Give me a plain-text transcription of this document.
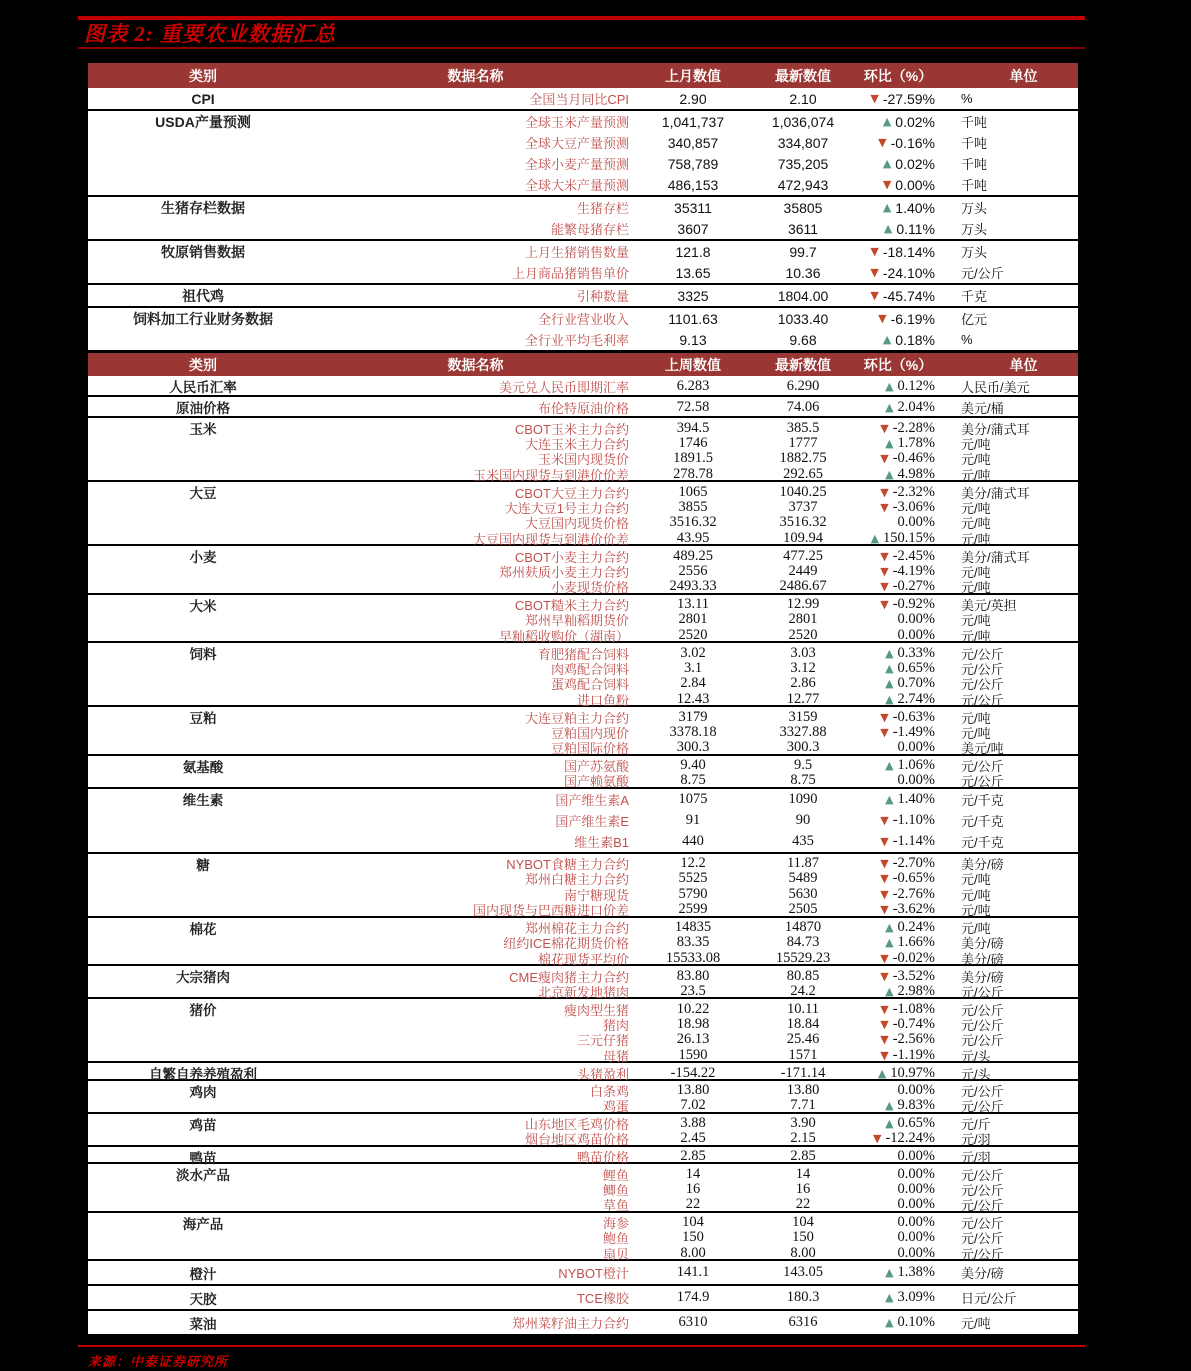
图表 2: 重要农业数据汇总
类别	数据名称	上月数值	最新数值	环比（%）	单位
CPI	全国当月同比CPI	2.90	2.10	▼ -27.59%	%
USDA产量预测	全球玉米产量预测	1,041,737	1,036,074	▲ 0.02%	千吨
全球大豆产量预测	340,857	334,807	▼ -0.16%	千吨
全球小麦产量预测	758,789	735,205	▲ 0.02%	千吨
全球大米产量预测	486,153	472,943	▼ 0.00%	千吨
生猪存栏数据	生猪存栏	35311	35805	▲ 1.40%	万头
能繁母猪存栏	3607	3611	▲ 0.11%	万头
牧原销售数据	上月生猪销售数量	121.8	99.7	▼ -18.14%	万头
上月商品猪销售单价	13.65	10.36	▼ -24.10%	元/公斤
祖代鸡	引种数量	3325	1804.00	▼ -45.74%	千克
饲料加工行业财务数据	全行业营业收入	1101.63	1033.40	▼ -6.19%	亿元
全行业平均毛利率	9.13	9.68	▲ 0.18%	%
类别	数据名称	上周数值	最新数值	环比（%）	单位
人民币汇率	美元兑人民币即期汇率	6.283	6.290	▲ 0.12%	人民币/美元
原油价格	布伦特原油价格	72.58	74.06	▲ 2.04%	美元/桶
玉米	CBOT玉米主力合约	394.5	385.5	▼ -2.28%	美分/蒲式耳
大连玉米主力合约	1746	1777	▲ 1.78%	元/吨
玉米国内现货价	1891.5	1882.75	▼ -0.46%	元/吨
玉米国内现货与到港价价差	278.78	292.65	▲ 4.98%	元/吨
大豆	CBOT大豆主力合约	1065	1040.25	▼ -2.32%	美分/蒲式耳
大连大豆1号主力合约	3855	3737	▼ -3.06%	元/吨
大豆国内现货价格	3516.32	3516.32	0.00%	元/吨
大豆国内现货与到港价价差	43.95	109.94	▲ 150.15%	元/吨
小麦	CBOT小麦主力合约	489.25	477.25	▼ -2.45%	美分/蒲式耳
郑州麸质小麦主力合约	2556	2449	▼ -4.19%	元/吨
小麦现货价格	2493.33	2486.67	▼ -0.27%	元/吨
大米	CBOT糙米主力合约	13.11	12.99	▼ -0.92%	美元/英担
郑州早籼稻期货价	2801	2801	0.00%	元/吨
早籼稻收购价（湖南）	2520	2520	0.00%	元/吨
饲料	育肥猪配合饲料	3.02	3.03	▲ 0.33%	元/公斤
肉鸡配合饲料	3.1	3.12	▲ 0.65%	元/公斤
蛋鸡配合饲料	2.84	2.86	▲ 0.70%	元/公斤
进口鱼粉	12.43	12.77	▲ 2.74%	元/公斤
豆粕	大连豆粕主力合约	3179	3159	▼ -0.63%	元/吨
豆粕国内现价	3378.18	3327.88	▼ -1.49%	元/吨
豆粕国际价格	300.3	300.3	0.00%	美元/吨
氨基酸	国产苏氨酸	9.40	9.5	▲ 1.06%	元/公斤
国产赖氨酸	8.75	8.75	0.00%	元/公斤
维生素	国产维生素A	1075	1090	▲ 1.40%	元/千克
国产维生素E	91	90	▼ -1.10%	元/千克
维生素B1	440	435	▼ -1.14%	元/千克
糖	NYBOT食糖主力合约	12.2	11.87	▼ -2.70%	美分/磅
郑州白糖主力合约	5525	5489	▼ -0.65%	元/吨
南宁糖现货	5790	5630	▼ -2.76%	元/吨
国内现货与巴西糖进口价差	2599	2505	▼ -3.62%	元/吨
棉花	郑州棉花主力合约	14835	14870	▲ 0.24%	元/吨
纽约ICE棉花期货价格	83.35	84.73	▲ 1.66%	美分/磅
棉花现货平均价	15533.08	15529.23	▼ -0.02%	美分/磅
大宗猪肉	CME瘦肉猪主力合约	83.80	80.85	▼ -3.52%	美分/磅
北京新发地猪肉	23.5	24.2	▲ 2.98%	元/公斤
猪价	瘦肉型生猪	10.22	10.11	▼ -1.08%	元/公斤
猪肉	18.98	18.84	▼ -0.74%	元/公斤
三元仔猪	26.13	25.46	▼ -2.56%	元/公斤
母猪	1590	1571	▼ -1.19%	元/头
自繁自养养殖盈利	头猪盈利	-154.22	-171.14	▲ 10.97%	元/头
鸡肉	白条鸡	13.80	13.80	0.00%	元/公斤
鸡蛋	7.02	7.71	▲ 9.83%	元/公斤
鸡苗	山东地区毛鸡价格	3.88	3.90	▲ 0.65%	元/斤
烟台地区鸡苗价格	2.45	2.15	▼ -12.24%	元/羽
鸭苗	鸭苗价格	2.85	2.85	0.00%	元/羽
淡水产品	鲤鱼	14	14	0.00%	元/公斤
鲫鱼	16	16	0.00%	元/公斤
草鱼	22	22	0.00%	元/公斤
海产品	海参	104	104	0.00%	元/公斤
鲍鱼	150	150	0.00%	元/公斤
扇贝	8.00	8.00	0.00%	元/公斤
橙汁	NYBOT橙汁	141.1	143.05	▲ 1.38%	美分/磅
天胶	TCE橡胶	174.9	180.3	▲ 3.09%	日元/公斤
菜油	郑州菜籽油主力合约	6310	6316	▲ 0.10%	元/吨
来源：中泰证券研究所
